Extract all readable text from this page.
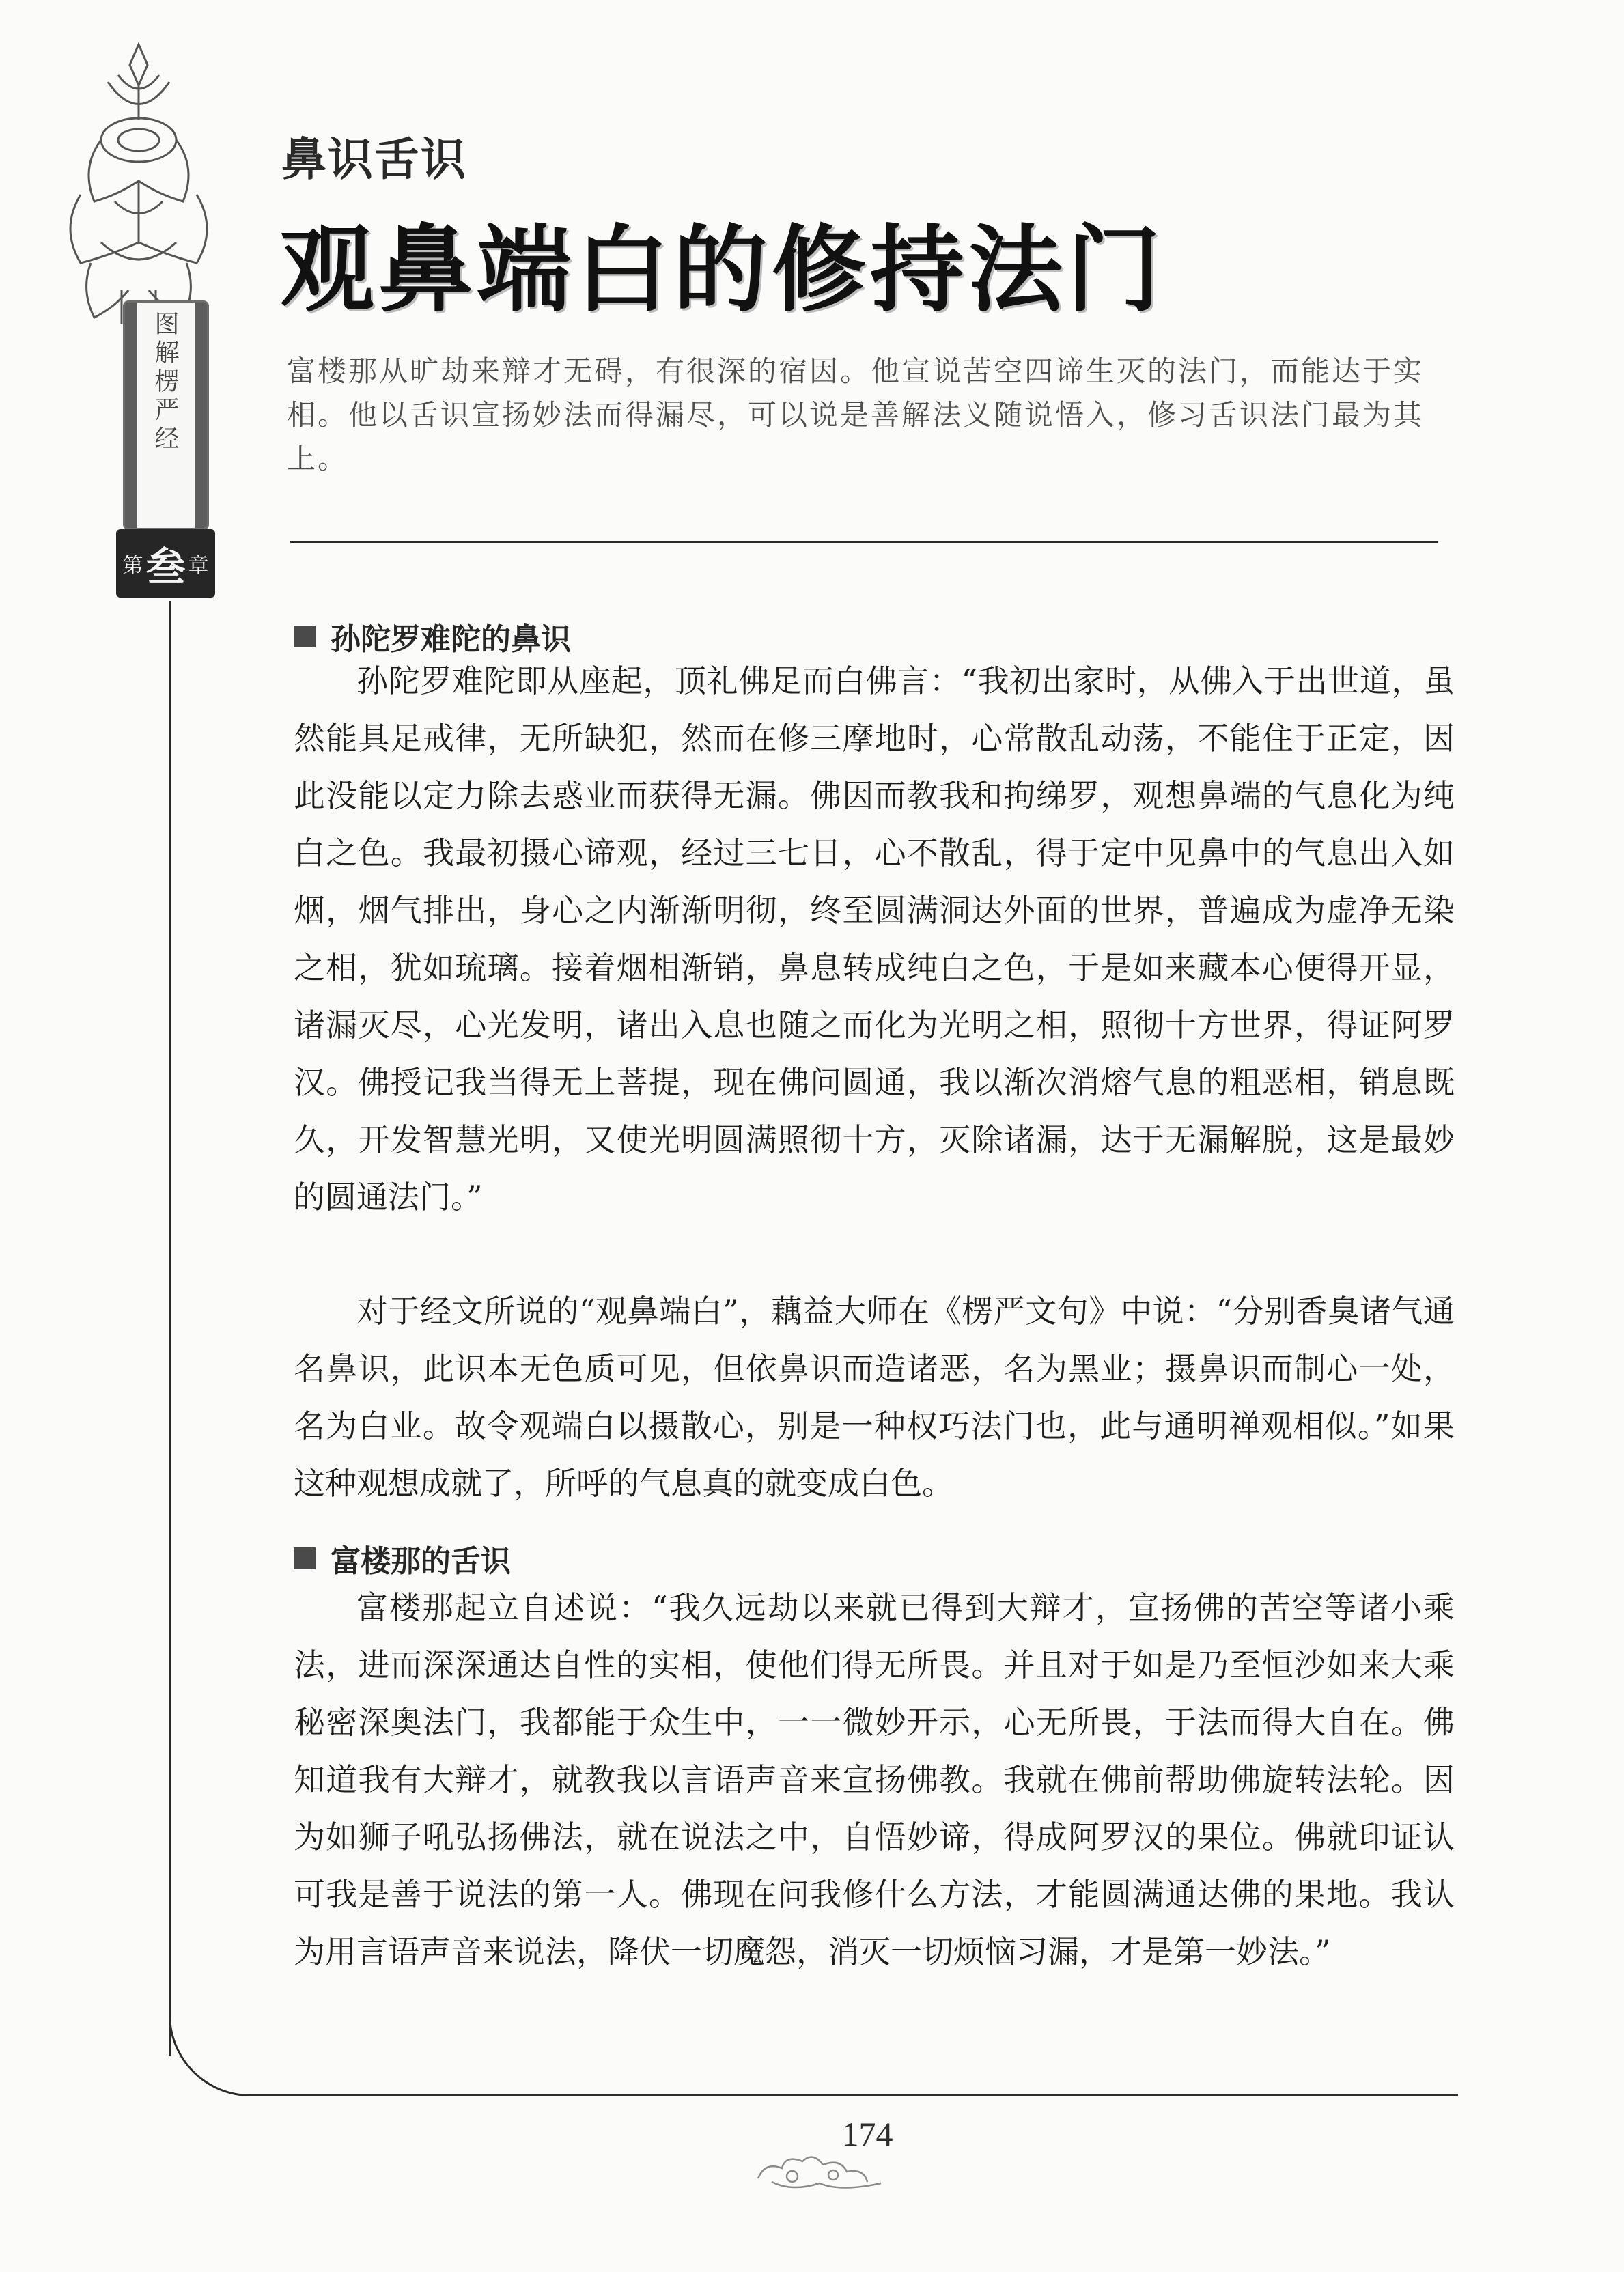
图解楞严经
第 叁 章
鼻识舌识
观鼻端白的修持法门
富楼那从旷劫来辩才无碍，有很深的宿因。他宣说苦空四谛生灭的法门，而能达于实相。他以舌识宣扬妙法而得漏尽，可以说是善解法义随说悟入，修习舌识法门最为其上。
孙陀罗难陀的鼻识
孙陀罗难陀即从座起，顶礼佛足而白佛言：“我初出家时，从佛入于出世道，虽然能具足戒律，无所缺犯，然而在修三摩地时，心常散乱动荡，不能住于正定，因此没能以定力除去惑业而获得无漏。佛因而教我和拘绨罗，观想鼻端的气息化为纯白之色。我最初摄心谛观，经过三七日，心不散乱，得于定中见鼻中的气息出入如烟，烟气排出，身心之内渐渐明彻，终至圆满洞达外面的世界，普遍成为虚净无染之相，犹如琉璃。接着烟相渐销，鼻息转成纯白之色，于是如来藏本心便得开显，诸漏灭尽，心光发明，诸出入息也随之而化为光明之相，照彻十方世界，得证阿罗汉。佛授记我当得无上菩提，现在佛问圆通，我以渐次消熔气息的粗恶相，销息既久，开发智慧光明，又使光明圆满照彻十方，灭除诸漏，达于无漏解脱，这是最妙的圆通法门。”
对于经文所说的“观鼻端白”，藕益大师在《楞严文句》中说：“分别香臭诸气通名鼻识，此识本无色质可见，但依鼻识而造诸恶，名为黑业；摄鼻识而制心一处，名为白业。故令观端白以摄散心，别是一种权巧法门也，此与通明禅观相似。”如果这种观想成就了，所呼的气息真的就变成白色。
富楼那的舌识
富楼那起立自述说：“我久远劫以来就已得到大辩才，宣扬佛的苦空等诸小乘法，进而深深通达自性的实相，使他们得无所畏。并且对于如是乃至恒沙如来大乘秘密深奥法门，我都能于众生中，一一微妙开示，心无所畏，于法而得大自在。佛知道我有大辩才，就教我以言语声音来宣扬佛教。我就在佛前帮助佛旋转法轮。因为如狮子吼弘扬佛法，就在说法之中，自悟妙谛，得成阿罗汉的果位。佛就印证认可我是善于说法的第一人。佛现在问我修什么方法，才能圆满通达佛的果地。我认为用言语声音来说法，降伏一切魔怨，消灭一切烦恼习漏，才是第一妙法。”
174
